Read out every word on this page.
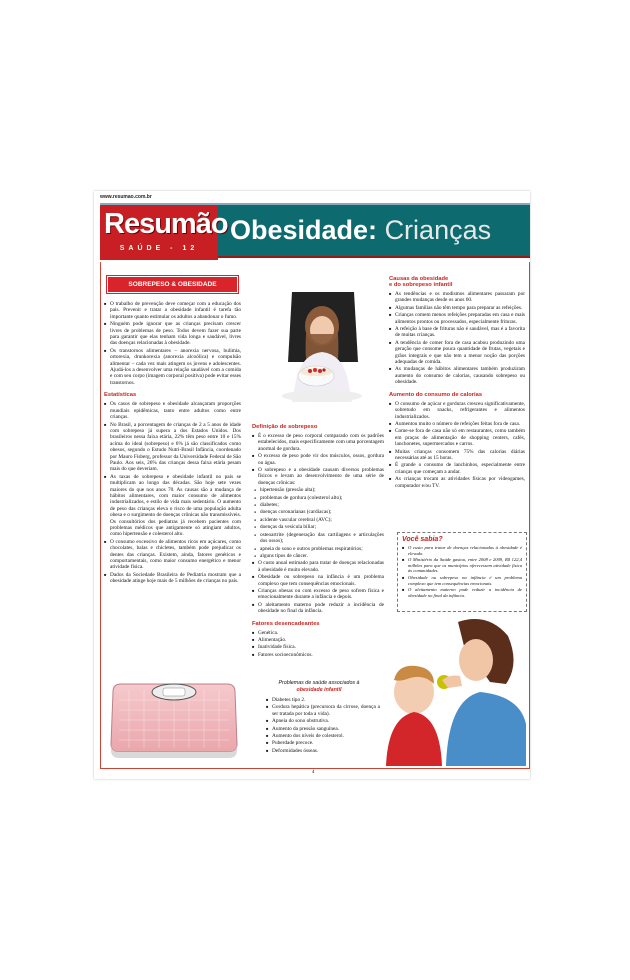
www.resumao.com.br
Resumão
SAÚDE - 12
Obesidade: Crianças
SOBREPESO & OBESIDADE
■ O trabalho de prevenção deve começar com a educação dos pais. Prevenir e tratar a obesidade infantil é tarefa tão importante quanto estimular os adultos a abandonar o fumo.
■ Ninguém pode ignorar que as crianças precisam crescer livres de problemas de peso. Todos devem fazer sua parte para garantir que elas tenham vida longa e saudável, livres das doenças relacionadas à obesidade.
■ Os transtornos alimentares – anorexia nervosa, bulimia, ortorexia, drunkorexia (anorexia alcoólica) e compulsão alimentar – cada vez mais atingem os jovens e adolescentes. Ajudá-los a desenvolver uma relação saudável com a comida e com seu corpo (imagem corporal positiva) pode evitar esses transtornos.
Estatísticas
■ Os casos de sobrepeso e obesidade alcançaram proporções mundiais epidêmicas, tanto entre adultos como entre crianças.
■ No Brasil, a porcentagem de crianças de 2 a 5 anos de idade com sobrepeso já supera a dos Estados Unidos. Dos brasileiros nessa faixa etária, 22% têm peso entre 10 e 15% acima do ideal (sobrepeso) e 6% já são classificados como obesos, segundo o Estudo Nutri-Brasil Infância, coordenado por Mauro Fisberg, professor da Universidade Federal de São Paulo. Aos seis, 26% das crianças dessa faixa etária pesam mais do que deveriam.
■ As taxas de sobrepeso e obesidade infantil no país se multiplicam ao longo das décadas. São hoje sete vezes maiores do que nos anos 70. As causas são a mudança de hábitos alimentares, com maior consumo de alimentos industrializados, e estilo de vida mais sedentário. O aumento de peso das crianças eleva o risco de uma população adulta obesa e o surgimento de doenças crônicas não transmissíveis. Os consultórios dos pediatras já recebem pacientes com problemas médicos que antigamente só atingiam adultos, como hipertensão e colesterol alto.
■ O consumo excessivo de alimentos ricos em açúcares, como chocolates, balas e chicletes, também pode prejudicar os dentes das crianças. Existem, ainda, fatores genéticos e comportamentais, como maior consumo energético e menor atividade física.
■ Dados da Sociedade Brasileira de Pediatria mostram que a obesidade atinge hoje mais de 5 milhões de crianças no país.
Definição de sobrepeso
■ É o excesso de peso corporal comparado com os padrões estabelecidos, mais especificamente com uma porcentagem anormal de gordura.
■ O excesso de peso pode vir dos músculos, ossos, gordura ou água.
■ O sobrepeso e a obesidade causam diversos problemas físicos e levam ao desenvolvimento de uma série de doenças crônicas:
● hipertensão (pressão alta);
● problemas de gordura (colesterol alto);
● diabetes;
● doenças coronarianas (cardíacas);
● acidente vascular cerebral (AVC);
● doenças da vesícula biliar;
● osteoartrite (degeneração das cartilagens e articulações dos ossos);
● apneia do sono e outros problemas respiratórios;
● alguns tipos de câncer.
■ O custo anual estimado para tratar de doenças relacionadas à obesidade é muito elevado.
■ Obesidade ou sobrepeso na infância é um problema complexo que tem consequências emocionais.
■ Crianças obesas ou com excesso de peso sofrem física e emocionalmente durante a infância e depois.
■ O aleitamento materno pode reduzir a incidência de obesidade no final da infância.
Fatores desencadeantes
■ Genética.
■ Alimentação.
■ Inatividade física.
■ Fatores socioeconômicos.
Problemas de saúde associados à
obesidade infantil
■ Diabetes tipo 2.
■ Gordura hepática (precursora da cirrose, doença a ser tratada por toda a vida).
■ Apneia do sono obstrutiva.
■ Aumento da pressão sanguínea.
■ Aumento dos níveis de colesterol.
■ Puberdade precoce.
■ Deformidades ósseas.
Causas da obesidade
e do sobrepeso infantil
■ As tendências e os modismos alimentares passaram por grandes mudanças desde os anos 60.
■ Algumas famílias não têm tempo para preparar as refeições.
■ Crianças comem menos refeições preparadas em casa e mais alimentos prontos ou processados, especialmente frituras.
■ A refeição à base de frituras não é saudável, mas é a favorita de muitas crianças.
■ A tendência de comer fora de casa acabou produzindo uma geração que consome pouca quantidade de frutas, vegetais e grãos integrais e que não tem a menor noção das porções adequadas de comida.
■ As mudanças de hábitos alimentares também produziram aumento do consumo de calorias, causando sobrepeso ou obesidade.
Aumento do consumo de calorias
■ O consumo de açúcar e gorduras cresceu significativamente, sobretudo em snacks, refrigerantes e alimentos industrializados.
■ Aumentou muito o número de refeições feitas fora de casa.
■ Come-se fora de casa não só em restaurantes, como também em praças de alimentação de shopping centers, cafés, lanchonetes, supermercados e carros.
■ Muitas crianças consomem 75% das calorias diárias necessárias até as 15 horas.
■ É grande o consumo de lanchinhos, especialmente entre crianças que começam a andar.
■ As crianças trocam as atividades físicas por videogames, computador e/ou TV.
Você sabia?
■ O custo para tratar de doenças relacionadas à obesidade é elevado.
■ O Ministério da Saúde gastou, entre 2008 e 2009, R$ 122,4 milhões para que os municípios oferecessem atividade física às comunidades.
■ Obesidade ou sobrepeso na infância é um problema complexo que tem consequências emocionais.
■ O aleitamento materno pode reduzir a incidência de obesidade no final da infância.
4
